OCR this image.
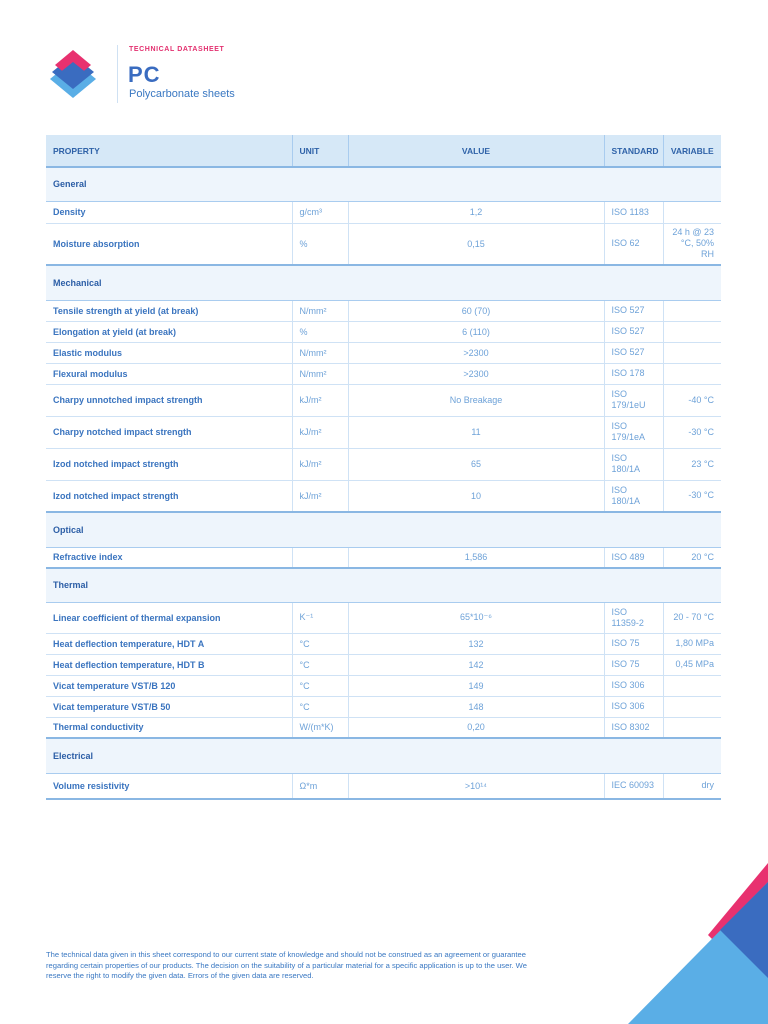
TECHNICAL DATASHEET
PC
Polycarbonate sheets
PROPERTY	UNIT	VALUE	STANDARD	VARIABLE
General				
Density	g/cm³	1,2	ISO 1183	
Moisture absorption	%	0,15	ISO 62	24 h @ 23 °C, 50% RH
Mechanical				
Tensile strength at yield (at break)	N/mm²	60 (70)	ISO 527	
Elongation at yield (at break)	%	6 (110)	ISO 527	
Elastic modulus	N/mm²	>2300	ISO 527	
Flexural modulus	N/mm²	>2300	ISO 178	
Charpy unnotched impact strength	kJ/m²	No Breakage	ISO 179/1eU	-40 °C
Charpy notched impact strength	kJ/m²	11	ISO 179/1eA	-30 °C
Izod notched impact strength	kJ/m²	65	ISO 180/1A	23 °C
Izod notched impact strength	kJ/m²	10	ISO 180/1A	-30 °C
Optical				
Refractive index		1,586	ISO 489	20 °C
Thermal				
Linear coefficient of thermal expansion	K⁻¹	65*10⁻⁶	ISO 11359-2	20 - 70 °C
Heat deflection temperature, HDT A	°C	132	ISO 75	1,80 MPa
Heat deflection temperature, HDT B	°C	142	ISO 75	0,45 MPa
Vicat temperature VST/B 120	°C	149	ISO 306	
Vicat temperature VST/B 50	°C	148	ISO 306	
Thermal conductivity	W/(m*K)	0,20	ISO 8302	
Electrical				
Volume resistivity	Ω*m	>10¹⁴	IEC 60093	dry
The technical data given in this sheet correspond to our current state of knowledge and should not be construed as an agreement or guarantee regarding certain properties of our products. The decision on the suitability of a particular material for a specific application is up to the user. We reserve the right to modify the given data. Errors of the given data are reserved.
